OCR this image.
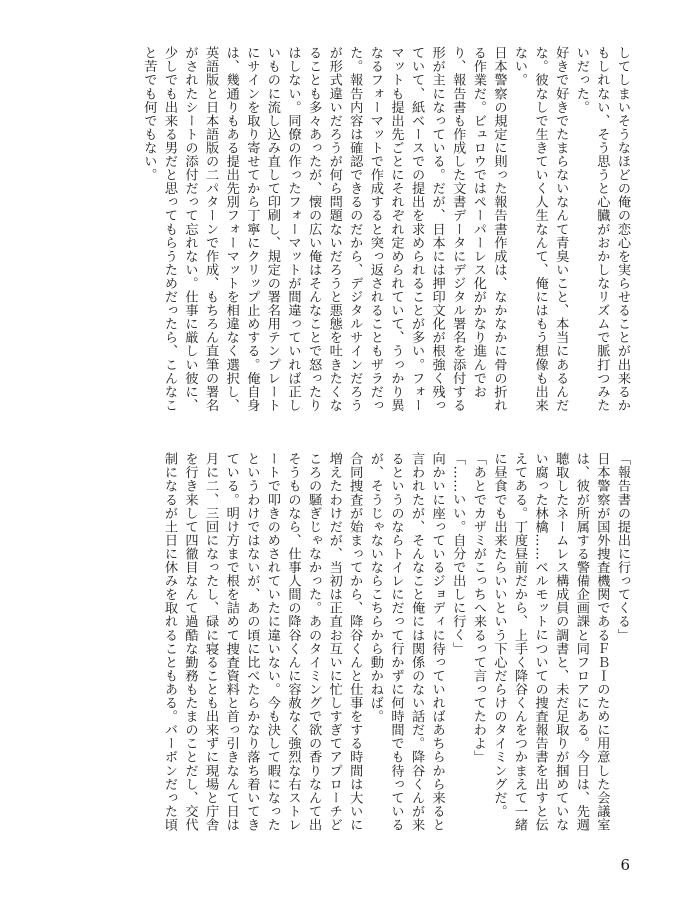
してしまいそうなほどの俺の恋心を実らせることが出来るかもしれない、そう思うと心臓がおかしなリズムで脈打つみたいだった。

好きで好きでたまらないなんて青臭いこと、本当にあるんだな。彼なしで生きていく人生なんて、俺にはもう想像も出来ない。

日本警察の規定に則った報告書作成は、なかなかに骨の折れる作業だ。ビュロウではペーパーレス化がかなり進んでおり、報告書も作成した文書データにデジタル署名を添付する形が主になっている。だが、日本には押印文化が根強く残っていて、紙ベースでの提出を求められることが多い。フォーマットも提出先ごとにそれぞれ定められていて、うっかり異なるフォーマットで作成すると突っ返されることもザラだった。報告内容は確認できるのだから、デジタルサインだろうが形式違いだろうが何ら問題ないだろうと悪態を吐きたくなることも多々あったが、懐の広い俺はそんなことで怒ったりはしない。同僚の作ったフォーマットが間違っていれば正しいものに流し込み直して印刷し、規定の署名用テンプレートにサインを取り寄せてから丁寧にクリップ止めする。俺自身は、幾通りもある提出先別フォーマットを相違なく選択し、英語版と日本語版の二パターンで作成、もちろん直筆の署名がされたシートの添付だって忘れない。仕事に厳しい彼に、少しでも出来る男だと思ってもらうためだったら、こんなこと苦でも何でもない。

「報告書の提出に行ってくる」

日本警察が国外捜査機関であるＦＢＩのために用意した会議室は、彼が所属する警備企画課と同フロアにある。今日は、先週聴取したネームレス構成員の調書と、未だ足取りが掴めていない腐った林檎……ベルモットについての捜査報告書を出すと伝えてある。丁度昼前だから、上手く降谷くんをつかまえて一緒に昼食でも出来たらいいという下心だらけのタイミングだ。

「あとでカザミがこっちへ来るって言ってたわよ」

「……いい。自分で出しに行く」

向かいに座っているジョディに待っていればあちらから来ると言われたが、そんなこと俺には関係のない話だ。降谷くんが来るというのならトイレにだって行かずに何時間でも待っているが、そうじゃないならこちらから動かねば。

合同捜査が始まってから、降谷くんと仕事をする時間は大いに増えたわけだが、当初は正直お互いに忙しすぎてアプローチどころの騒ぎじゃなかった。あのタイミングで欲の香りなんて出そうものなら、仕事人間の降谷くんに容赦なく強烈な右ストレートで叩きのめされていたに違いない。今も決して暇になったというわけではないが、あの頃に比べたらかなり落ち着いてきている。明け方まで根を詰めて捜査資料と首っ引きなんて日は月に二、三回になったし、碌に寝ることも出来ずに現場と庁舎を行き来して四徹目なんて過酷な勤務もたまのことだし、交代制になるが土日に休みを取れることもある。バーボンだった頃

6
